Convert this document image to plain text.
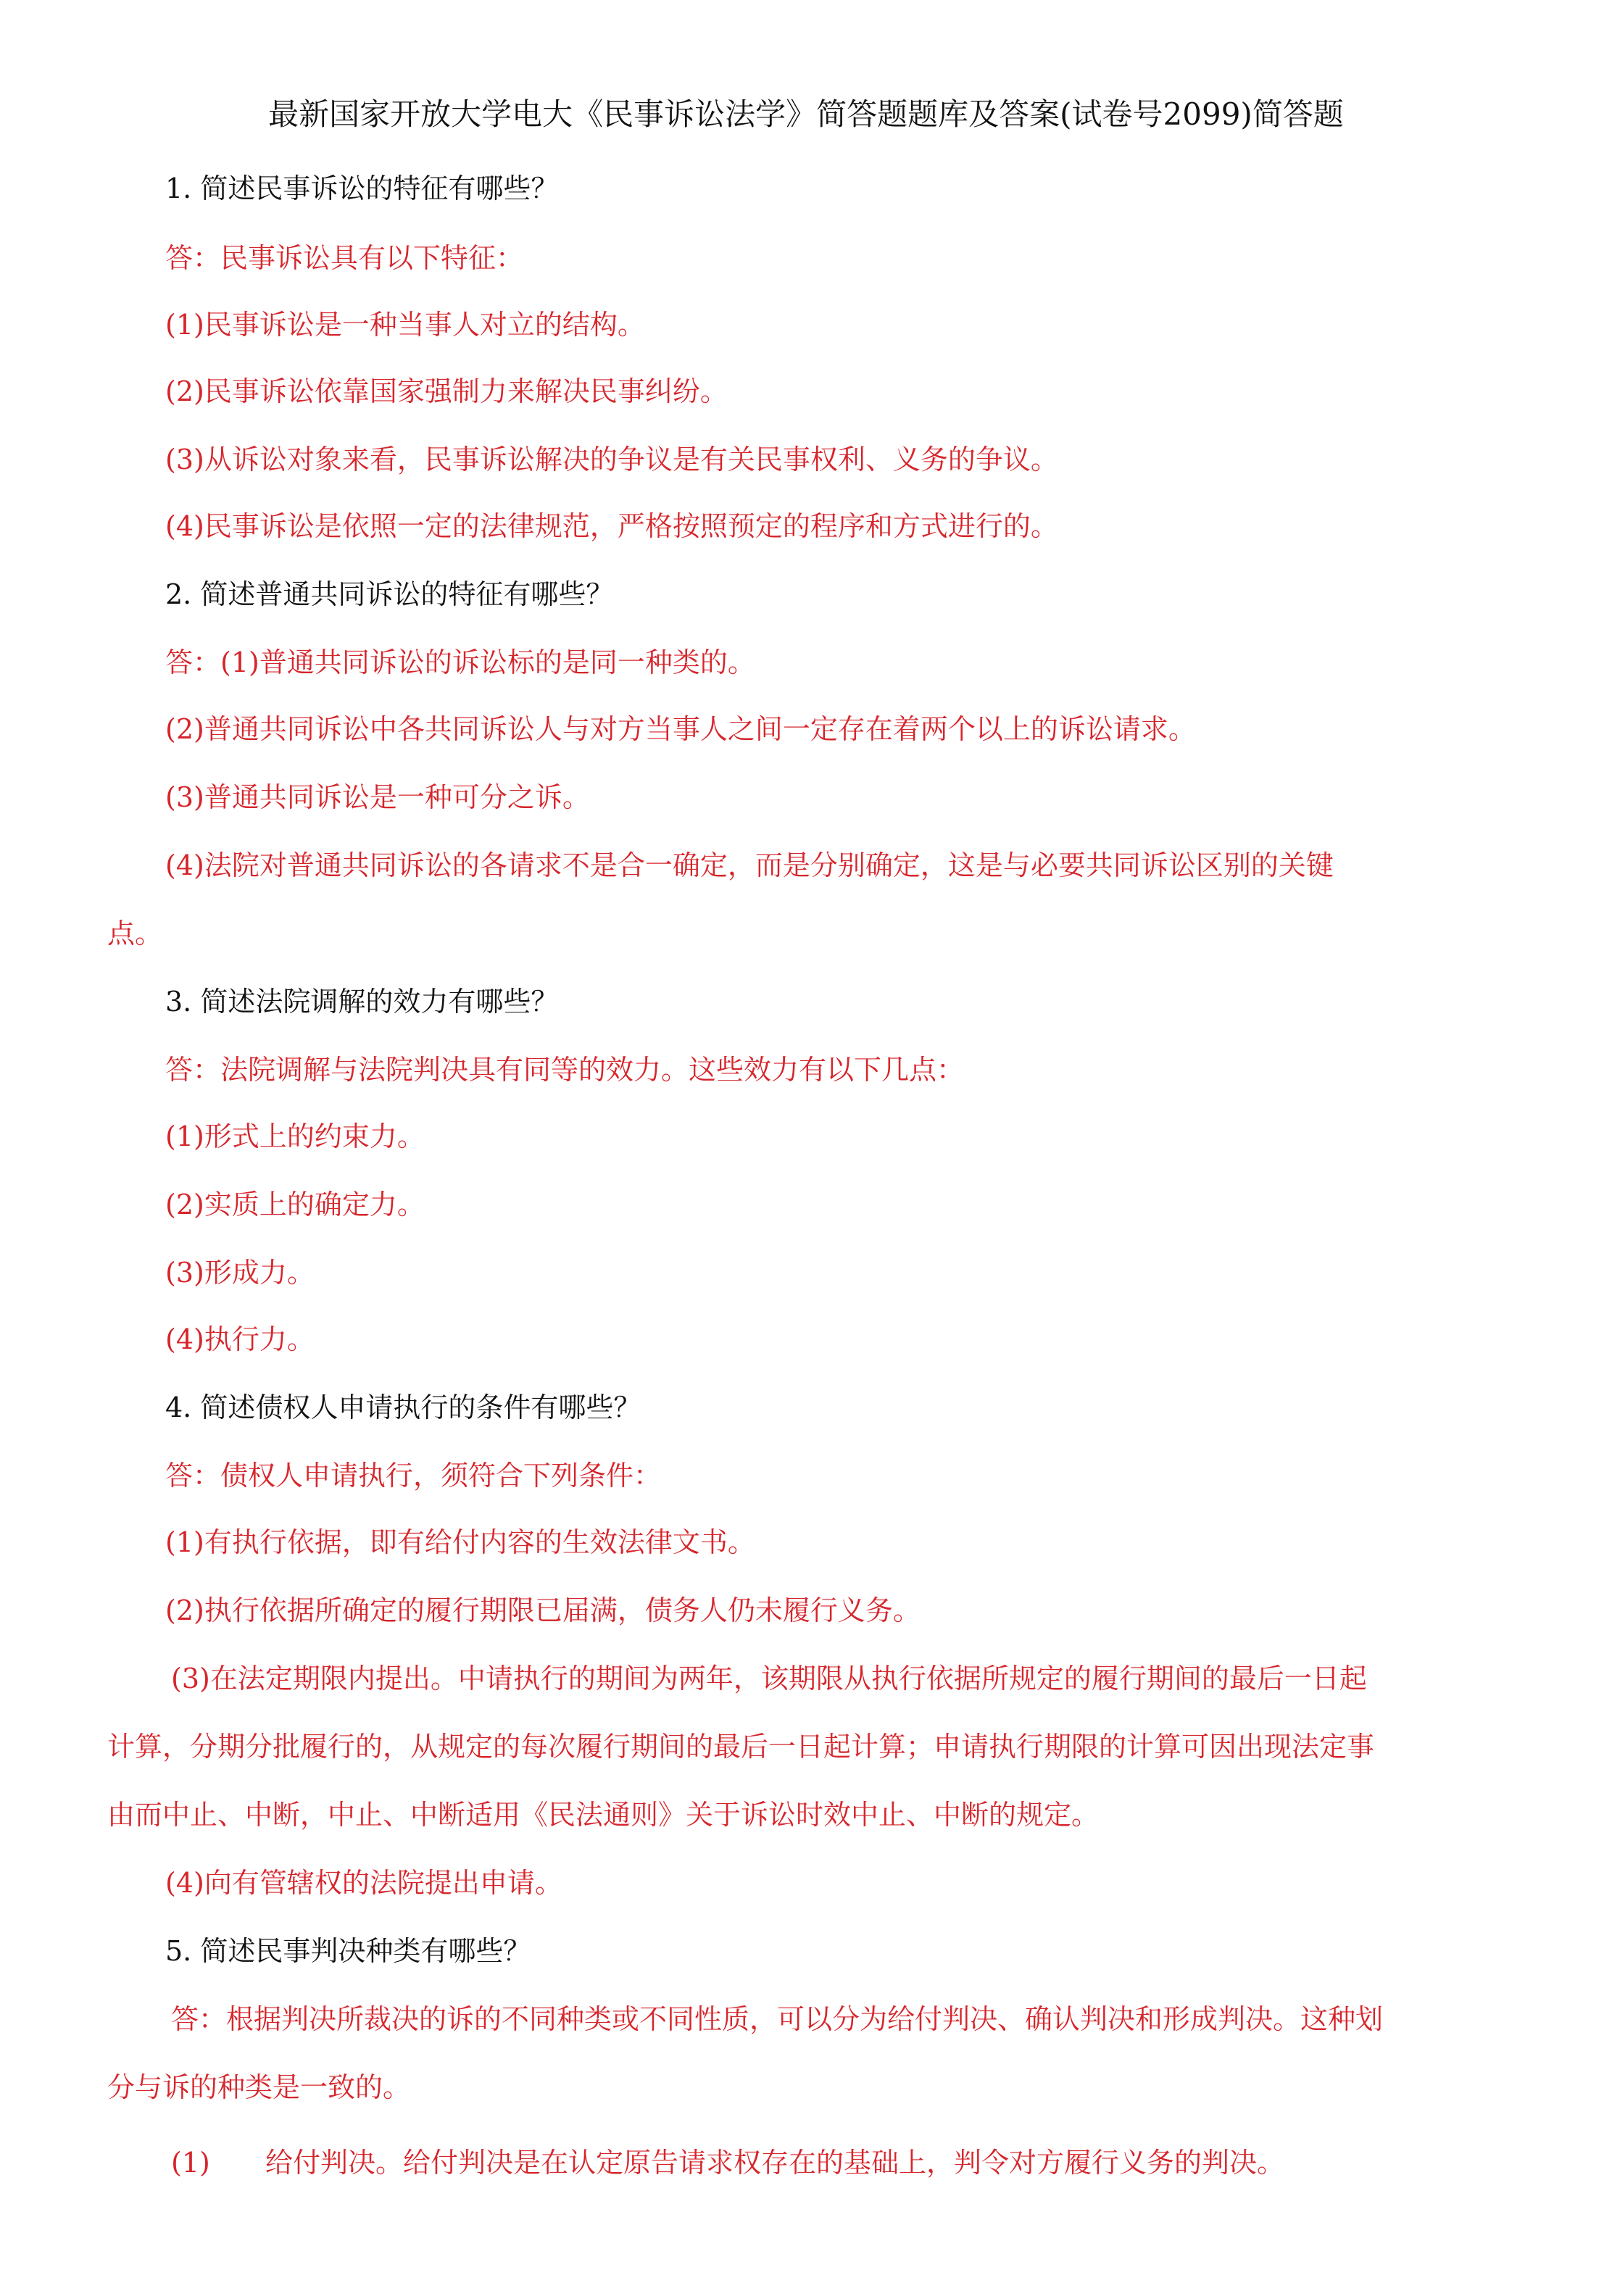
最新国家开放大学电大《民事诉讼法学》简答题题库及答案(试卷号2099)简答题
1. 简述民事诉讼的特征有哪些？
答：民事诉讼具有以下特征：
(1)民事诉讼是一种当事人对立的结构。
(2)民事诉讼依靠国家强制力来解决民事纠纷。
(3)从诉讼对象来看，民事诉讼解决的争议是有关民事权利、义务的争议。
(4)民事诉讼是依照一定的法律规范，严格按照预定的程序和方式进行的。
2. 简述普通共同诉讼的特征有哪些？
答：(1)普通共同诉讼的诉讼标的是同一种类的。
(2)普通共同诉讼中各共同诉讼人与对方当事人之间一定存在着两个以上的诉讼请求。
(3)普通共同诉讼是一种可分之诉。
(4)法院对普通共同诉讼的各请求不是合一确定，而是分别确定，这是与必要共同诉讼区别的关键
点。
3. 简述法院调解的效力有哪些？
答：法院调解与法院判决具有同等的效力。这些效力有以下几点：
(1)形式上的约束力。
(2)实质上的确定力。
(3)形成力。
(4)执行力。
4. 简述债权人申请执行的条件有哪些？
答：债权人申请执行，须符合下列条件：
(1)有执行依据，即有给付内容的生效法律文书。
(2)执行依据所确定的履行期限已届满，债务人仍未履行义务。
(3)在法定期限内提出。中请执行的期间为两年，该期限从执行依据所规定的履行期间的最后一日起
计算，分期分批履行的，从规定的每次履行期间的最后一日起计算；申请执行期限的计算可因出现法定事
由而中止、中断，中止、中断适用《民法通则》关于诉讼时效中止、中断的规定。
(4)向有管辖权的法院提出申请。
5. 简述民事判决种类有哪些？
答：根据判决所裁决的诉的不同种类或不同性质，可以分为给付判决、确认判决和形成判决。这种划
分与诉的种类是一致的。
(1) 给付判决。给付判决是在认定原告请求权存在的基础上，判令对方履行义务的判决。
